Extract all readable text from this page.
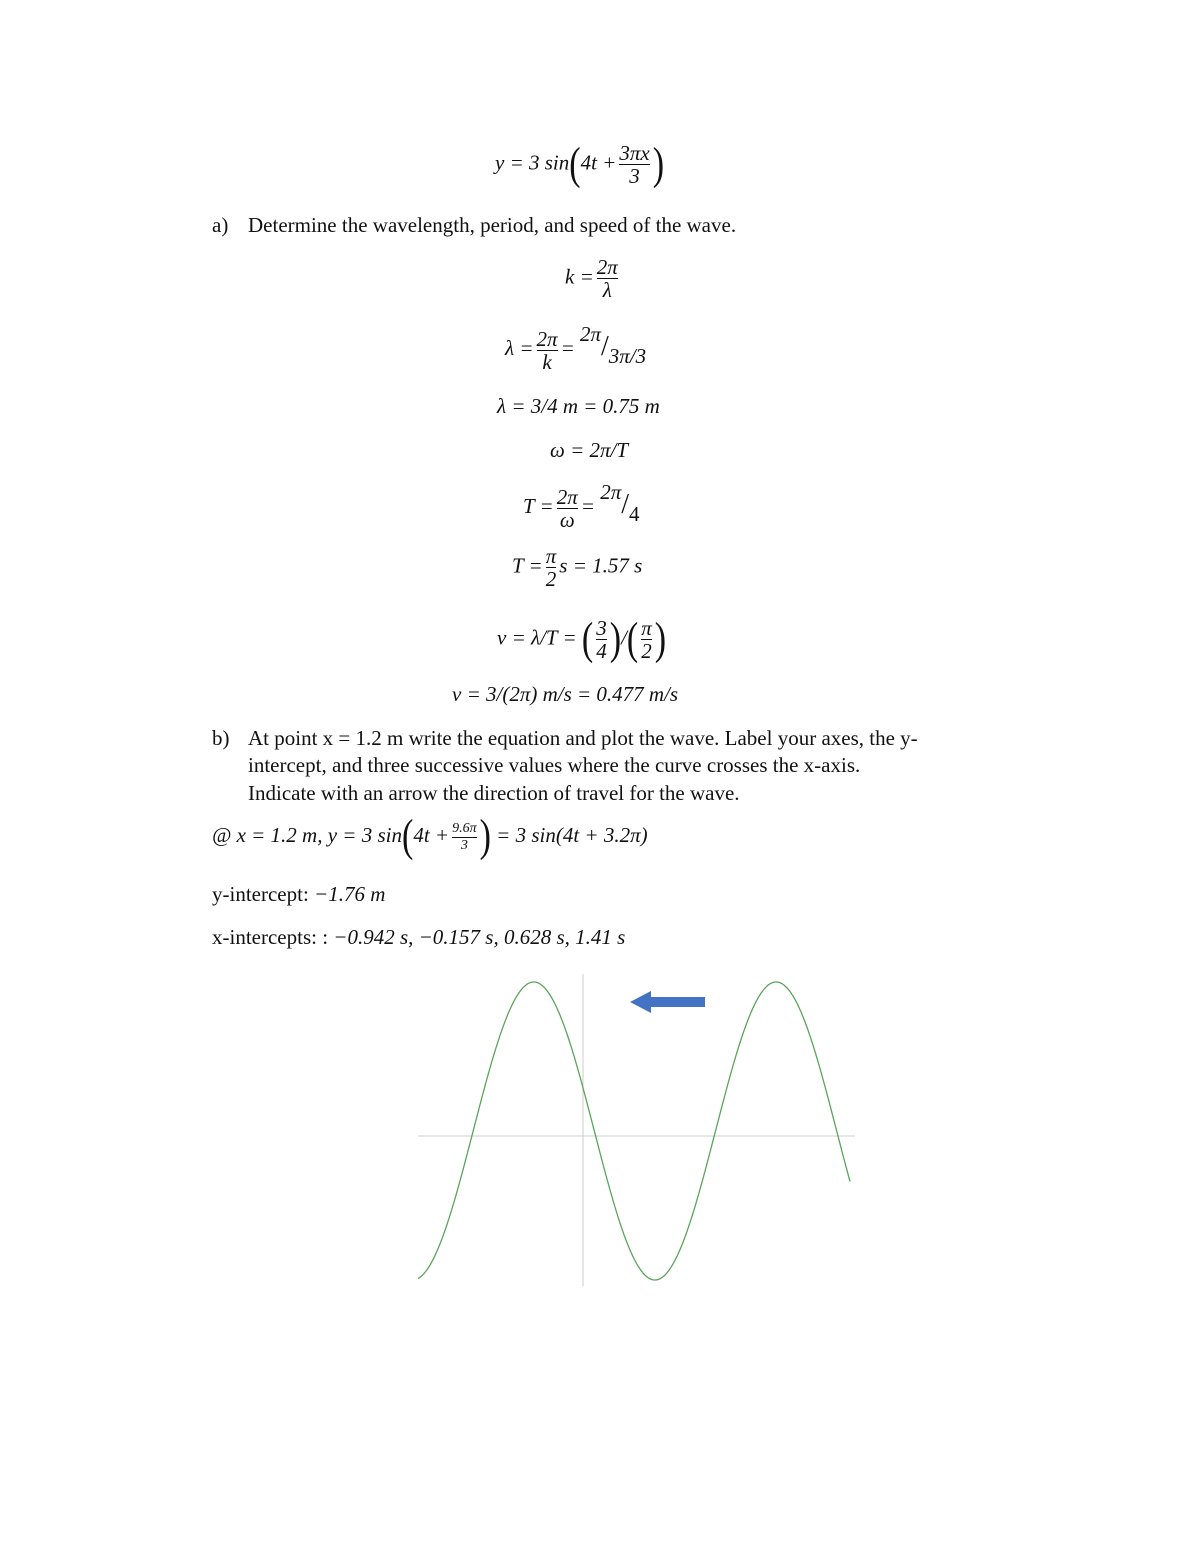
y = 3 $\sin(4t + \frac{3\pi x}{3}$ )
a) Determine the wavelength, period, and speed of the wave.
$k = \frac{2\pi}{\lambda}$
$\lambda = \frac{2\pi}{k} = 2\pi/3\pi/3$
λ = 3/4 m = 0.75 m
ω = 2π/T
$T = \frac{2\pi}{\omega} = 2\pi/4$
$T = \frac{\pi}{2}$ s = 1.57 s
v = λ/T = ( $\frac{3}{4}$ )/( $\frac{\pi}{2}$ )
v = 3/(2π) m/s = 0.477 m/s
b) At point x = 1.2 m write the equation and plot the wave. Label your axes, the y-
intercept, and three successive values where the curve crosses the x-axis.
Indicate with an arrow the direction of travel for the wave.
@ x = 1.2 m, y = 3 $\sin(4t + \frac{9.6\pi}{3}$ ) = 3 sin(4t + 3.2π)
y-intercept: −1.76 m
x-intercepts: : −0.942 s, −0.157 s, 0.628 s, 1.41 s
